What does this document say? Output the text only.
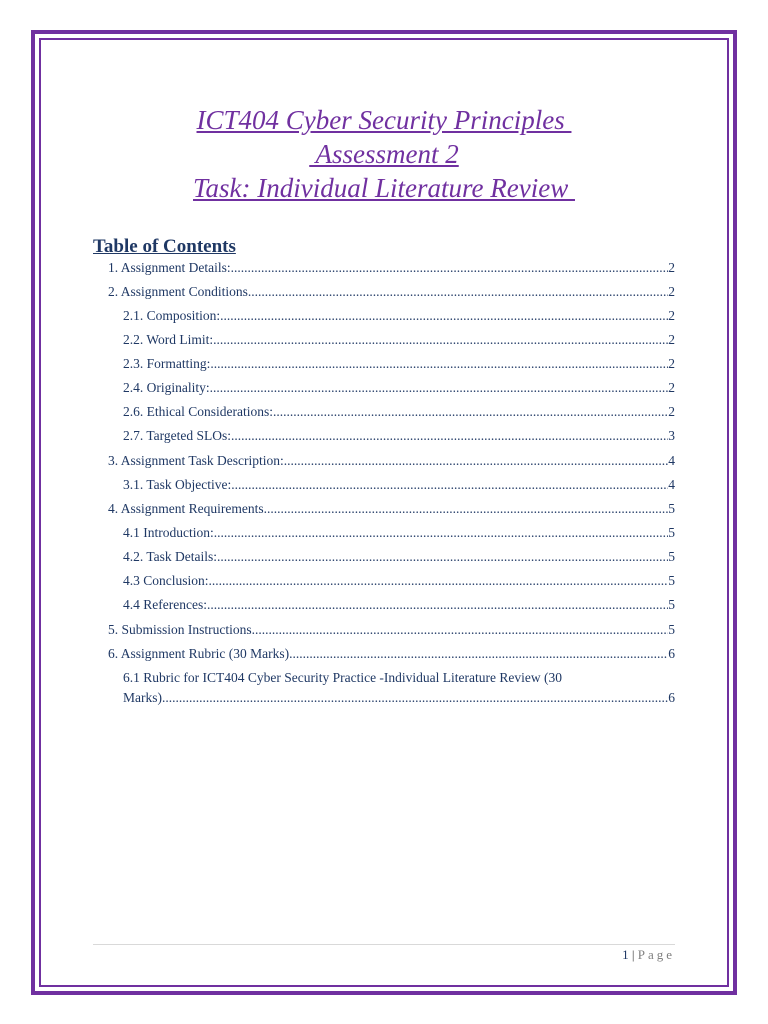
ICT404 Cyber Security Principles
Assessment 2
Task: Individual Literature Review
Table of Contents
1. Assignment Details: .....	2
2. Assignment Conditions .....	2
2.1. Composition: .....	2
2.2. Word Limit: .....	2
2.3. Formatting: .....	2
2.4. Originality: .....	2
2.6. Ethical Considerations: .....	2
2.7. Targeted SLOs: .....	3
3. Assignment Task Description: .....	4
3.1. Task Objective: .....	4
4. Assignment Requirements .....	5
4.1 Introduction: .....	5
4.2. Task Details: .....	5
4.3 Conclusion: .....	5
4.4 References: .....	5
5. Submission Instructions .....	5
6. Assignment Rubric (30 Marks) .....	6
6.1 Rubric for ICT404 Cyber Security Practice -Individual Literature Review (30
Marks) .....	6
1 | Page
